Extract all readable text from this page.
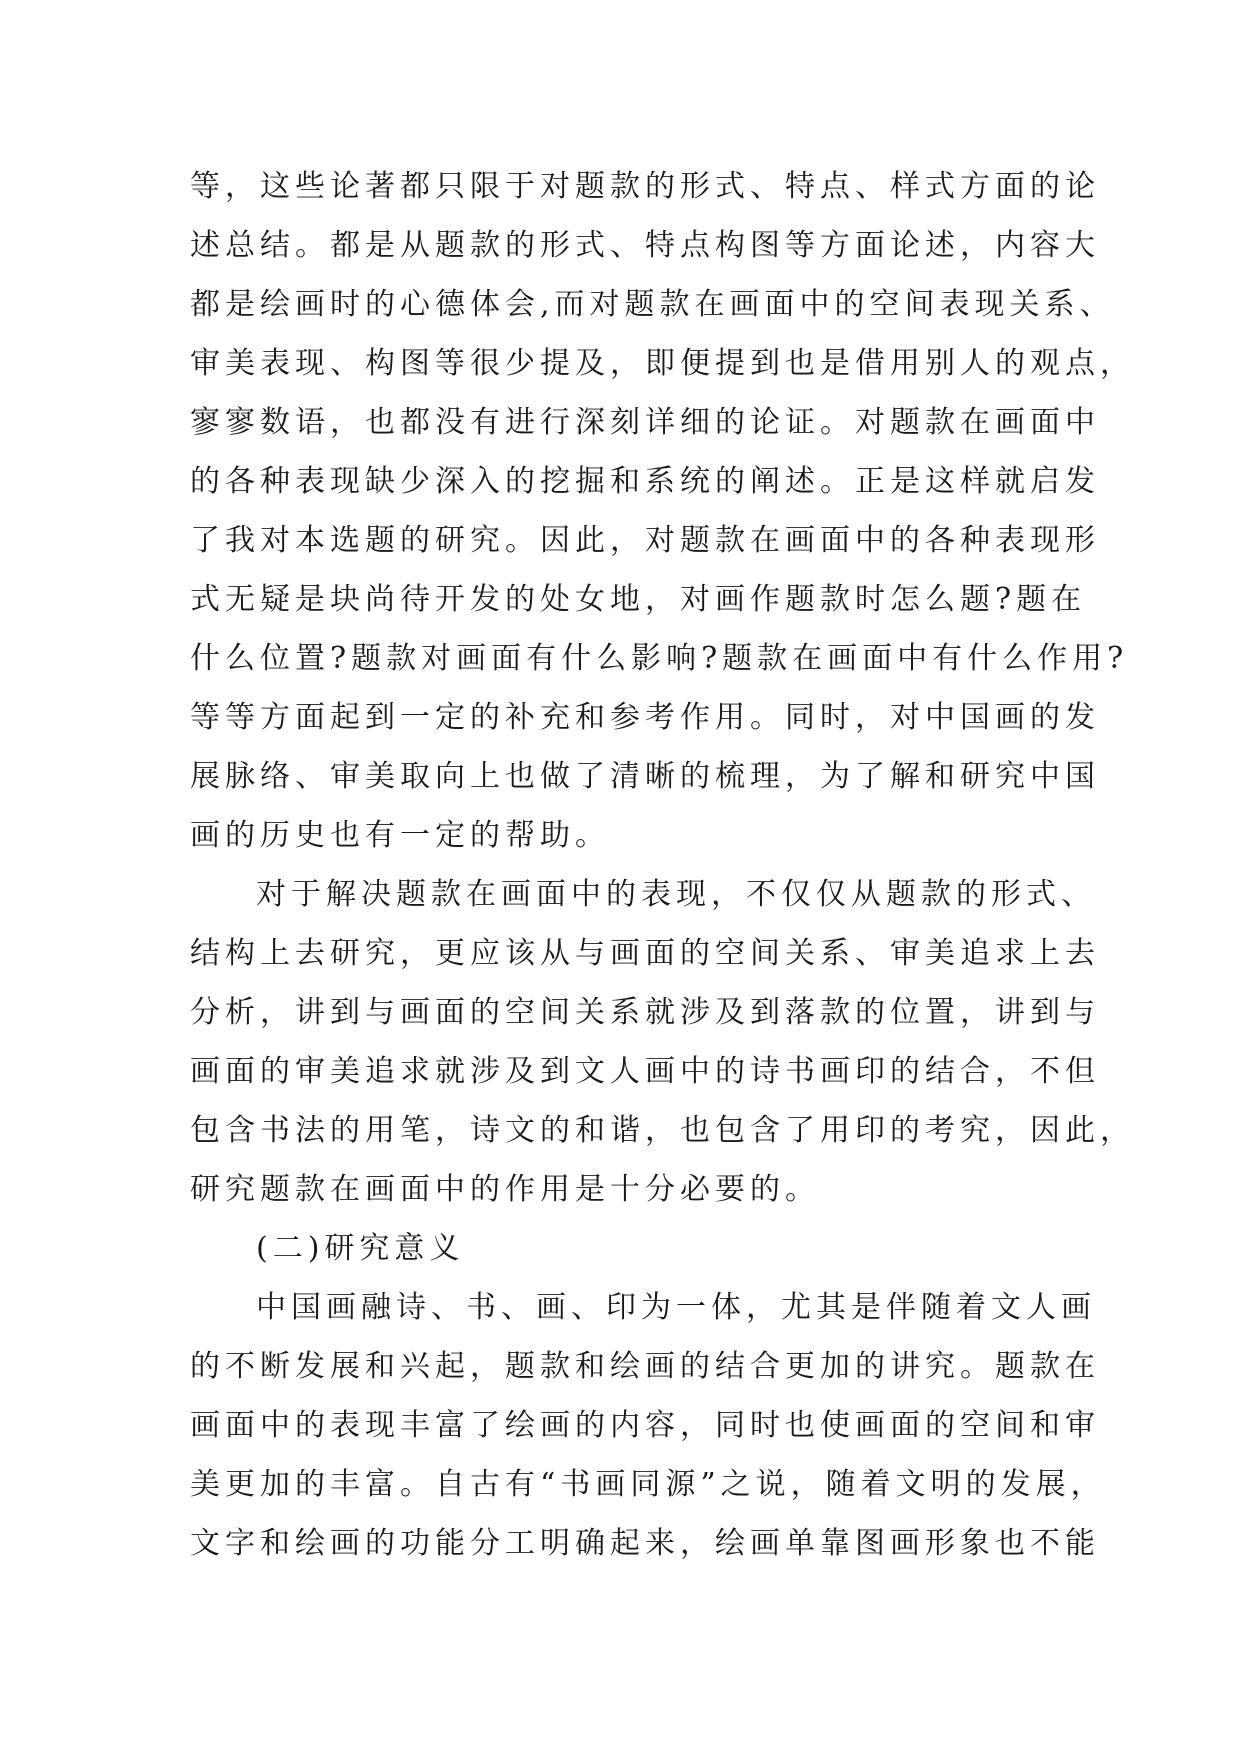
等，这些论著都只限于对题款的形式、特点、样式方面的论
述总结。都是从题款的形式、特点构图等方面论述，内容大
都是绘画时的心德体会,而对题款在画面中的空间表现关系、
审美表现、构图等很少提及，即便提到也是借用别人的观点，
寥寥数语，也都没有进行深刻详细的论证。对题款在画面中
的各种表现缺少深入的挖掘和系统的阐述。正是这样就启发
了我对本选题的研究。因此，对题款在画面中的各种表现形
式无疑是块尚待开发的处女地，对画作题款时怎么题?题在
什么位置?题款对画面有什么影响?题款在画面中有什么作用?
等等方面起到一定的补充和参考作用。同时，对中国画的发
展脉络、审美取向上也做了清晰的梳理，为了解和研究中国
画的历史也有一定的帮助。
对于解决题款在画面中的表现，不仅仅从题款的形式、
结构上去研究，更应该从与画面的空间关系、审美追求上去
分析，讲到与画面的空间关系就涉及到落款的位置，讲到与
画面的审美追求就涉及到文人画中的诗书画印的结合，不但
包含书法的用笔，诗文的和谐，也包含了用印的考究，因此，
研究题款在画面中的作用是十分必要的。
(二)研究意义
中国画融诗、书、画、印为一体，尤其是伴随着文人画
的不断发展和兴起，题款和绘画的结合更加的讲究。题款在
画面中的表现丰富了绘画的内容，同时也使画面的空间和审
美更加的丰富。自古有“书画同源”之说，随着文明的发展，
文字和绘画的功能分工明确起来，绘画单靠图画形象也不能
